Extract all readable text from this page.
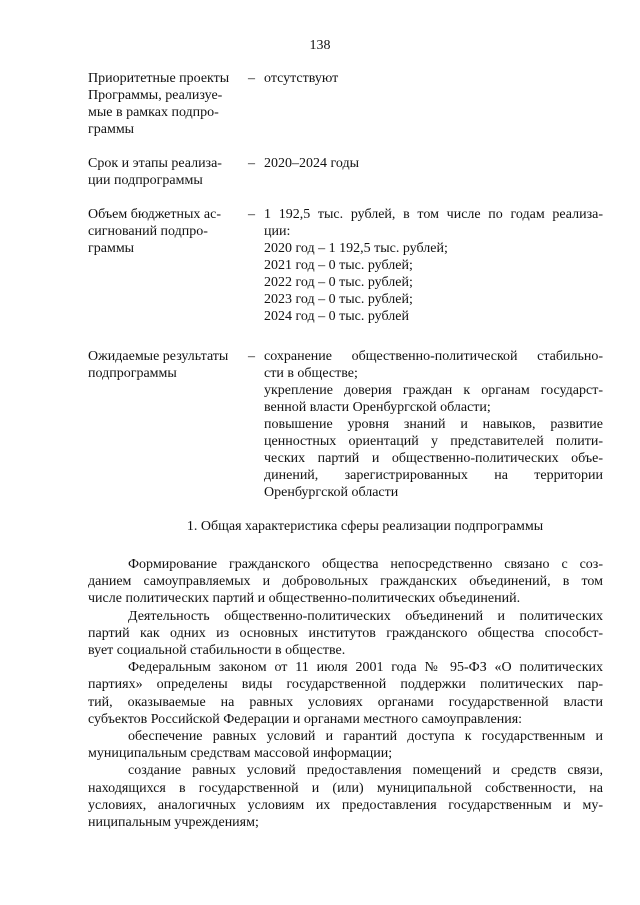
138
Приоритетные проекты
Программы, реализуе-
мые в рамках подпро-
граммы
– отсутствуют
Срок и этапы реализа-
ции подпрограммы
– 2020–2024 годы
Объем бюджетных ас-
сигнований подпро-
граммы
– 1 192,5 тыс. рублей, в том числе по годам реализа-
ции:
2020 год – 1 192,5 тыс. рублей;
2021 год – 0 тыс. рублей;
2022 год – 0 тыс. рублей;
2023 год – 0 тыс. рублей;
2024 год – 0 тыс. рублей
Ожидаемые результаты
подпрограммы
– сохранение общественно-политической стабильно-
сти в обществе;
укрепление доверия граждан к органам государст-
венной власти Оренбургской области;
повышение уровня знаний и навыков, развитие
ценностных ориентаций у представителей полити-
ческих партий и общественно-политических объе-
динений, зарегистрированных на территории
Оренбургской области
1. Общая характеристика сферы реализации подпрограммы
Формирование гражданского общества непосредственно связано с соз-
данием самоуправляемых и добровольных гражданских объединений, в том
числе политических партий и общественно-политических объединений.
Деятельность общественно-политических объединений и политических
партий как одних из основных институтов гражданского общества способст-
вует социальной стабильности в обществе.
Федеральным законом от 11 июля 2001 года № 95-ФЗ «О политических
партиях» определены виды государственной поддержки политических пар-
тий, оказываемые на равных условиях органами государственной власти
субъектов Российской Федерации и органами местного самоуправления:
обеспечение равных условий и гарантий доступа к государственным и
муниципальным средствам массовой информации;
создание равных условий предоставления помещений и средств связи,
находящихся в государственной и (или) муниципальной собственности, на
условиях, аналогичных условиям их предоставления государственным и му-
ниципальным учреждениям;
